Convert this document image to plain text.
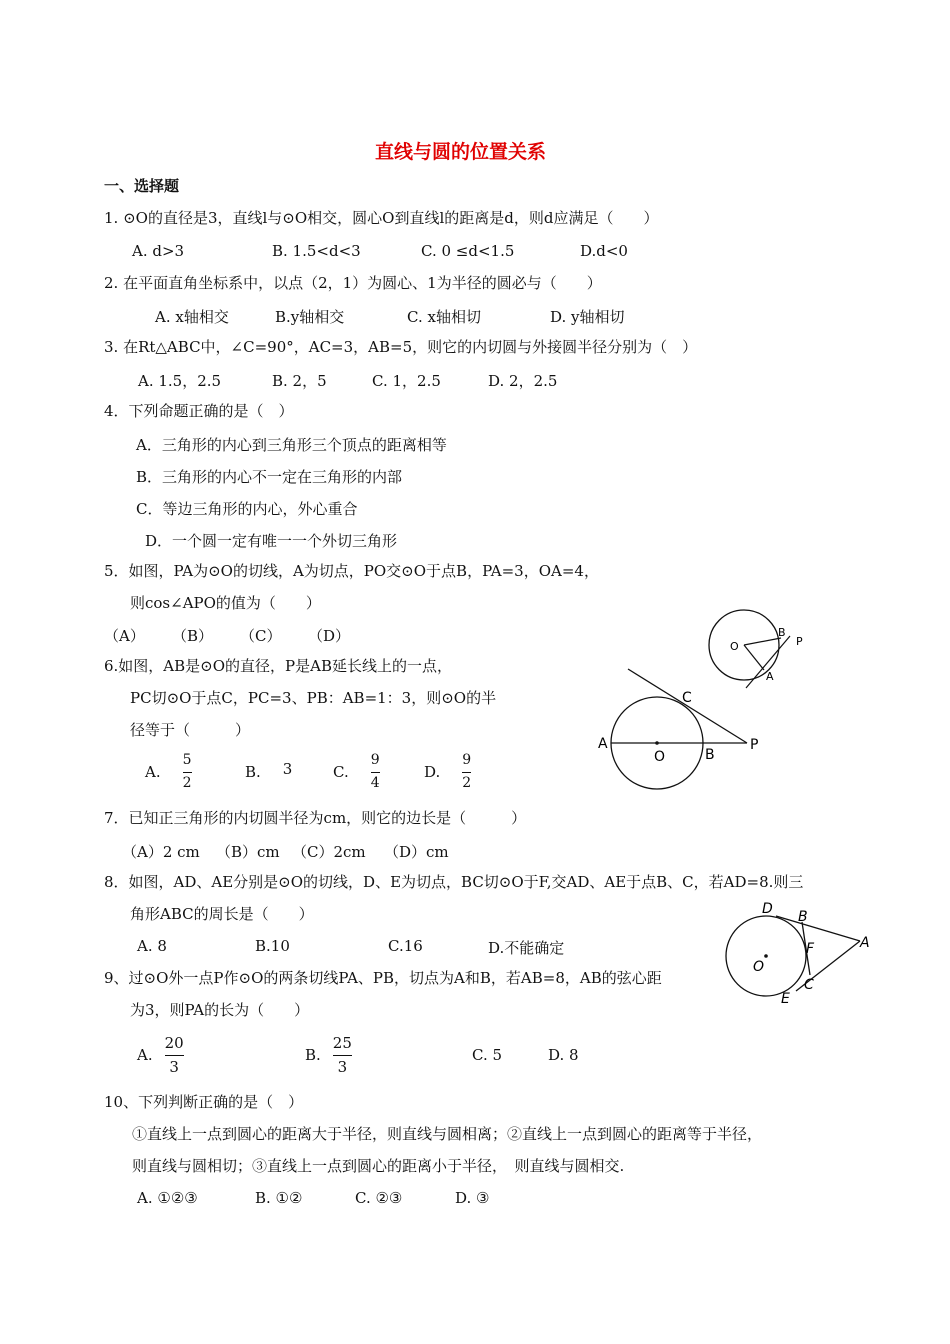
直线与圆的位置关系
一、选择题
1. ⊙O的直径是3，直线l与⊙O相交，圆心O到直线l的距离是d，则d应满足（　　）
A. d>3	B. 1.5<d<3	C. 0 ≤d<1.5	D.d<0
2. 在平面直角坐标系中，以点（2，1）为圆心、1为半径的圆必与（　　）
A. x轴相交	B.y轴相交	C. x轴相切	D. y轴相切
3. 在Rt△ABC中，∠C=90°，AC=3，AB=5，则它的内切圆与外接圆半径分别为（　）
A. 1.5，2.5	B. 2，5	C. 1，2.5	D. 2，2.5
4．下列命题正确的是（　）
A．三角形的内心到三角形三个顶点的距离相等
B．三角形的内心不一定在三角形的内部
C．等边三角形的内心，外心重合
D．一个圆一定有唯一一个外切三角形
5．如图，PA为⊙O的切线，A为切点，PO交⊙O于点B，PA=3，OA=4，
则cos∠APO的值为（　　）
（A） （B） （C） （D）
O
B
P
A
6.如图，AB是⊙O的直径，P是AB延长线上的一点，
PC切⊙O于点C，PC=3、PB：AB=1：3，则⊙O的半
径等于（　　　）
A. $\frac{5}{2}$	B. 3	C. $\frac{9}{4}$	D. $\frac{9}{2}$
A
O	B
C
P
7．已知正三角形的内切圆半径为cm，则它的边长是（　　　）
（A）2 cm （B）cm （C）2cm （D）cm
8．如图，AD、AE分别是⊙O的切线，D、E为切点，BC切⊙O于F,交AD、AE于点B、C，若AD=8.则三
角形ABC的周长是（　　）
A. 8	B.10	C.16	D.不能确定
D B
F	A
O
C
E
9、过⊙O外一点P作⊙O的两条切线PA、PB，切点为A和B，若AB=8，AB的弦心距
为3，则PA的长为（　　）
A. $\frac{20}{3}$	B. $\frac{25}{3}$	C. 5	D. 8
10、下列判断正确的是（　）
①直线上一点到圆心的距离大于半径，则直线与圆相离；②直线上一点到圆心的距离等于半径，
则直线与圆相切；③直线上一点到圆心的距离小于半径，　则直线与圆相交.
A. ①②③	B. ①②	C. ②③	D. ③
